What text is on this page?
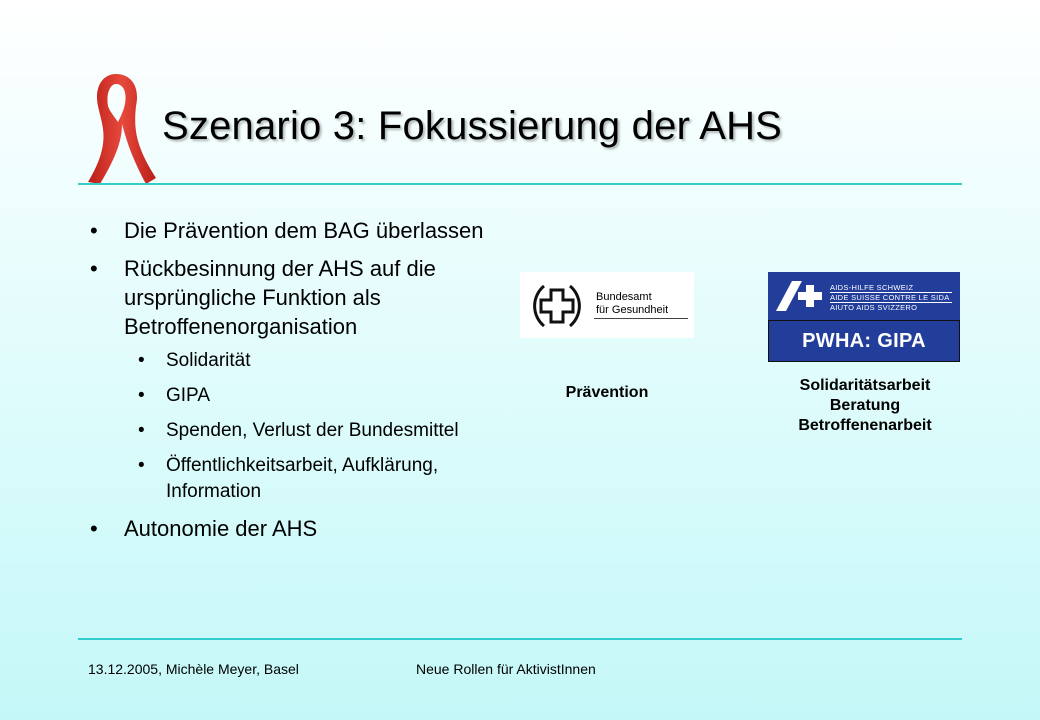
Szenario 3: Fokussierung der AHS
• Die Prävention dem BAG überlassen
• Rückbesinnung der AHS auf die ursprüngliche Funktion als Betroffenenorganisation
• Solidarität
• GIPA
• Spenden, Verlust der Bundesmittel
• Öffentlichkeitsarbeit, Aufklärung, Information
• Autonomie der AHS
Bundesamt
für Gesundheit
AIDS-HILFE SCHWEIZ
AIDE SUISSE CONTRE LE SIDA
AIUTO AIDS SVIZZERO
PWHA: GIPA
Prävention	Solidaritätsarbeit
Beratung
Betroffenenarbeit
13.12.2005, Michèle Meyer, Basel	Neue Rollen für AktivistInnen
